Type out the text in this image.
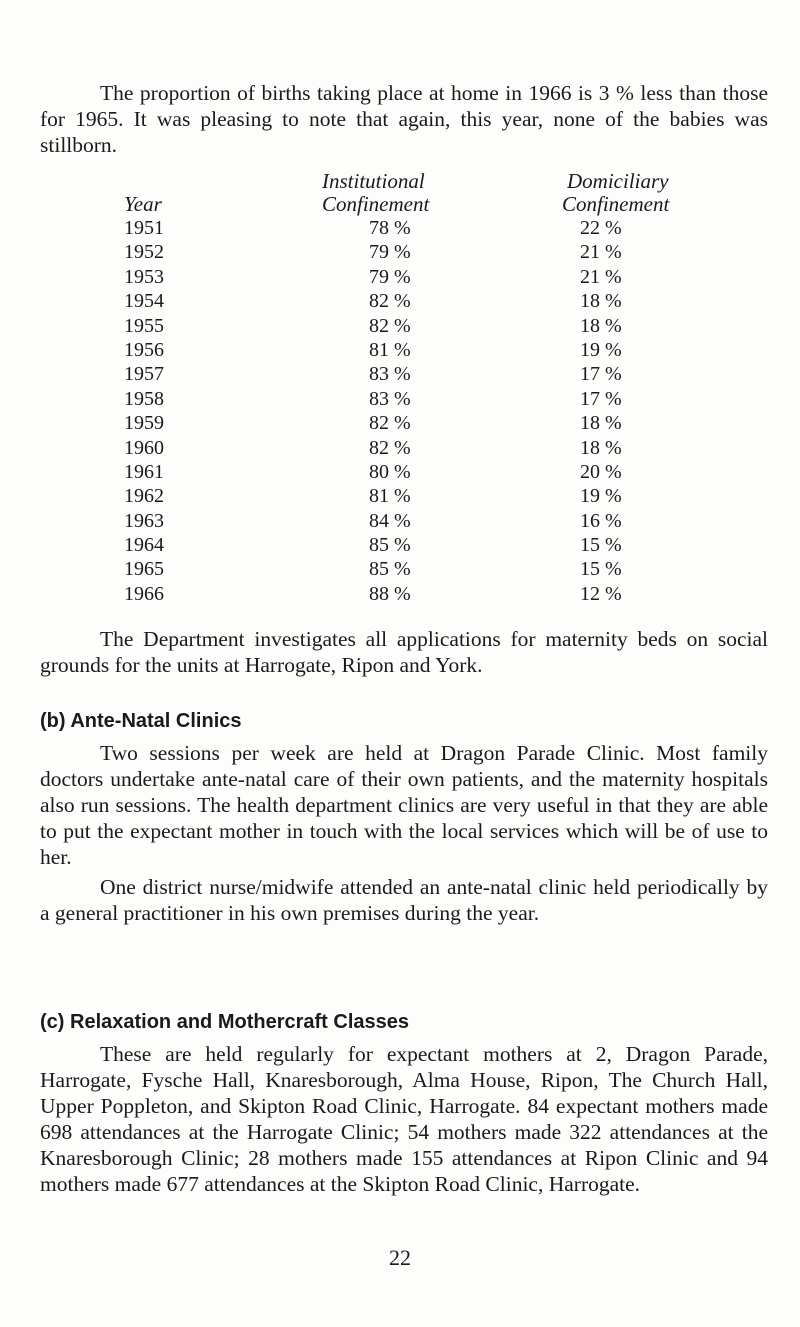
The proportion of births taking place at home in 1966 is 3 % less than those for 1965. It was pleasing to note that again, this year, none of the babies was stillborn.

Institutional	Domiciliary
Year	Confinement	Confinement
1951	78 %	22 %
1952	79 %	21 %
1953	79 %	21 %
1954	82 %	18 %
1955	82 %	18 %
1956	81 %	19 %
1957	83 %	17 %
1958	83 %	17 %
1959	82 %	18 %
1960	82 %	18 %
1961	80 %	20 %
1962	81 %	19 %
1963	84 %	16 %
1964	85 %	15 %
1965	85 %	15 %
1966	88 %	12 %

The Department investigates all applications for maternity beds on social grounds for the units at Harrogate, Ripon and York.

(b) Ante-Natal Clinics

Two sessions per week are held at Dragon Parade Clinic. Most family doctors undertake ante-natal care of their own patients, and the maternity hospitals also run sessions. The health department clinics are very useful in that they are able to put the expectant mother in touch with the local services which will be of use to her.

One district nurse/midwife attended an ante-natal clinic held periodically by a general practitioner in his own premises during the year.

(c) Relaxation and Mothercraft Classes

These are held regularly for expectant mothers at 2, Dragon Parade, Harrogate, Fysche Hall, Knaresborough, Alma House, Ripon, The Church Hall, Upper Poppleton, and Skipton Road Clinic, Harrogate. 84 expectant mothers made 698 attendances at the Harrogate Clinic; 54 mothers made 322 attendances at the Knaresborough Clinic; 28 mothers made 155 attendances at Ripon Clinic and 94 mothers made 677 attendances at the Skipton Road Clinic, Harrogate.

22
